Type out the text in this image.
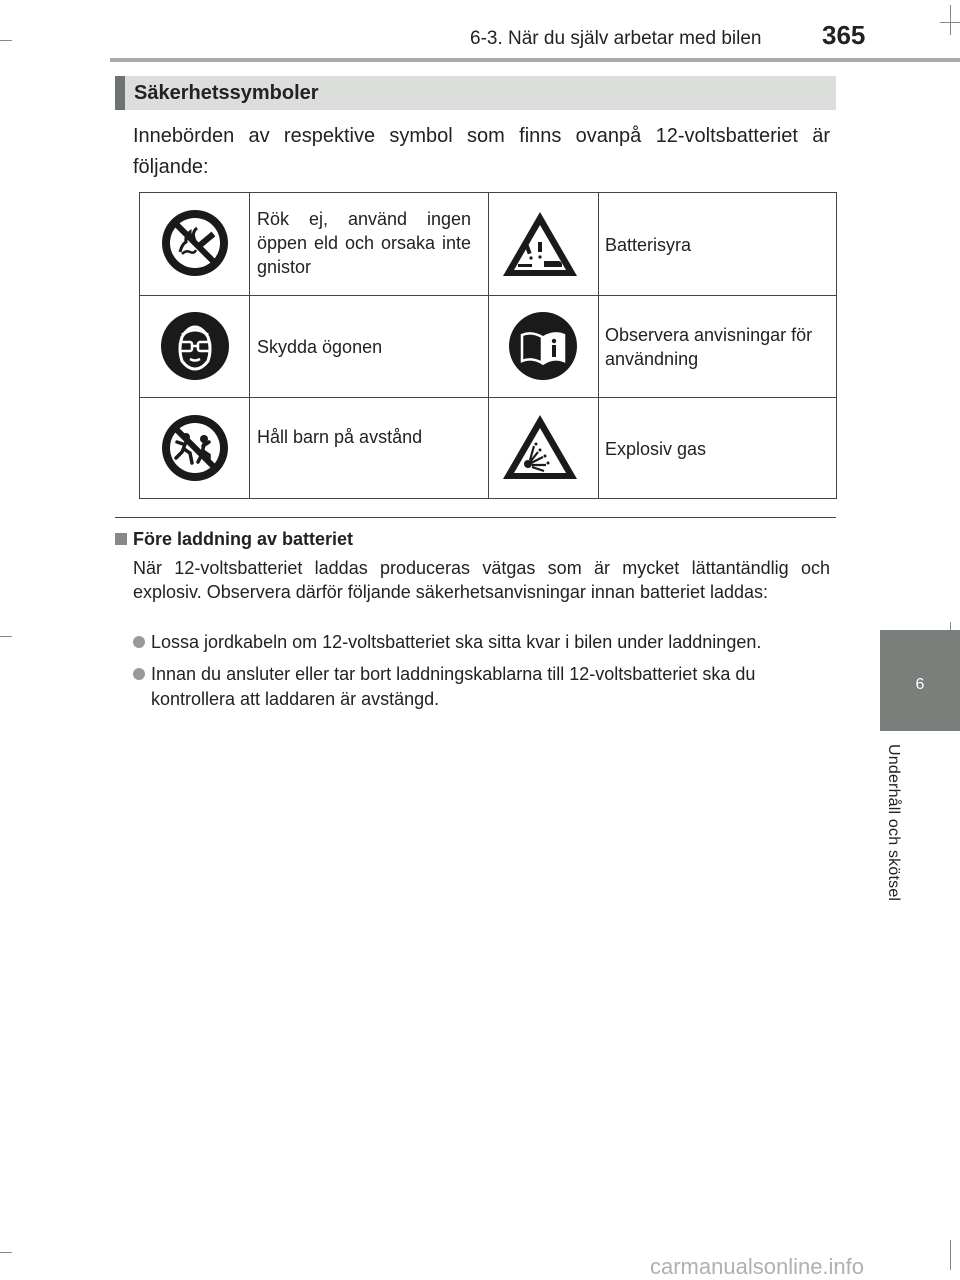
6-3. När du själv arbetar med bilen 365
6
Underhåll och skötsel
Säkerhetssymboler
Innebörden av respektive symbol som finns ovanpå 12-voltsbatteriet är följande:
Rök ej, använd ingen öppen eld och orsaka inte gnistor
Batterisyra
Skydda ögonen
Observera anvisningar för användning
Håll barn på avstånd
Explosiv gas
Före laddning av batteriet
När 12-voltsbatteriet laddas produceras vätgas som är mycket lättantändlig och explosiv. Observera därför följande säkerhetsanvisningar innan batteriet laddas:
Lossa jordkabeln om 12-voltsbatteriet ska sitta kvar i bilen under laddningen.
Innan du ansluter eller tar bort laddningskablarna till 12-voltsbatteriet ska du kontrollera att laddaren är avstängd.
carmanualsonline.info
